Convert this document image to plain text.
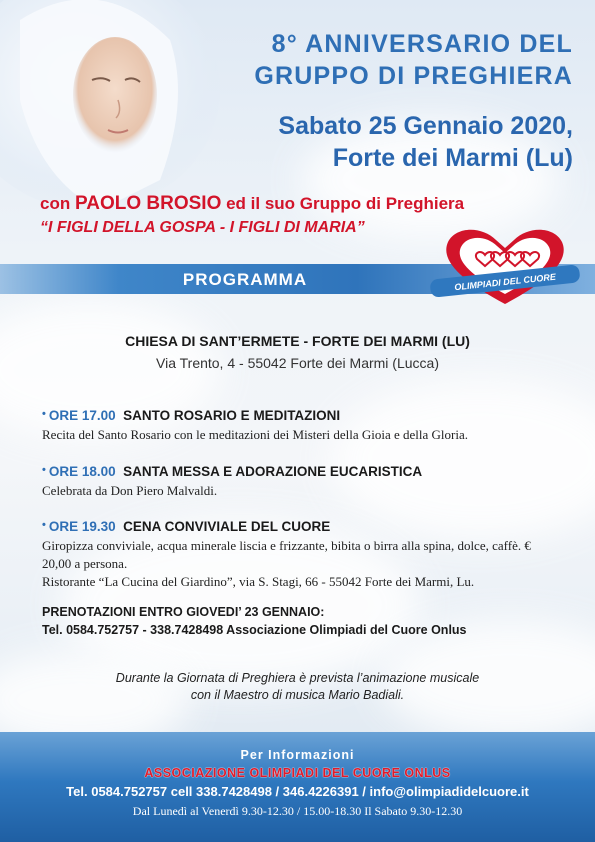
8° ANNIVERSARIO DEL
GRUPPO DI PREGHIERA
Sabato 25 Gennaio 2020,
Forte dei Marmi (Lu)
con PAOLO BROSIO ed il suo Gruppo di Preghiera
“I FIGLI DELLA GOSPA - I FIGLI DI MARIA”
PROGRAMMA	OLIMPIADI DEL CUORE
CHIESA DI SANT’ERMETE - FORTE DEI MARMI (LU)
Via Trento, 4 - 55042 Forte dei Marmi (Lucca)
• ORE 17.00 SANTO ROSARIO E MEDITAZIONI
Recita del Santo Rosario con le meditazioni dei Misteri della Gioia e della Gloria.
• ORE 18.00 SANTA MESSA E ADORAZIONE EUCARISTICA
Celebrata da Don Piero Malvaldi.
• ORE 19.30 CENA CONVIVIALE DEL CUORE
Giropizza conviviale, acqua minerale liscia e frizzante, bibita o birra alla spina, dolce, caffè. € 20,00 a persona.
Ristorante “La Cucina del Giardino”, via S. Stagi, 66 - 55042 Forte dei Marmi, Lu.
PRENOTAZIONI ENTRO GIOVEDI’ 23 GENNAIO:
Tel. 0584.752757 - 338.7428498 Associazione Olimpiadi del Cuore Onlus
Durante la Giornata di Preghiera è prevista l’animazione musicale
con il Maestro di musica Mario Badiali.
Per Informazioni
ASSOCIAZIONE OLIMPIADI DEL CUORE ONLUS
Tel. 0584.752757 cell 338.7428498 / 346.4226391 / info@olimpiadidelcuore.it
Dal Lunedì al Venerdì 9.30-12.30 / 15.00-18.30 Il Sabato 9.30-12.30
